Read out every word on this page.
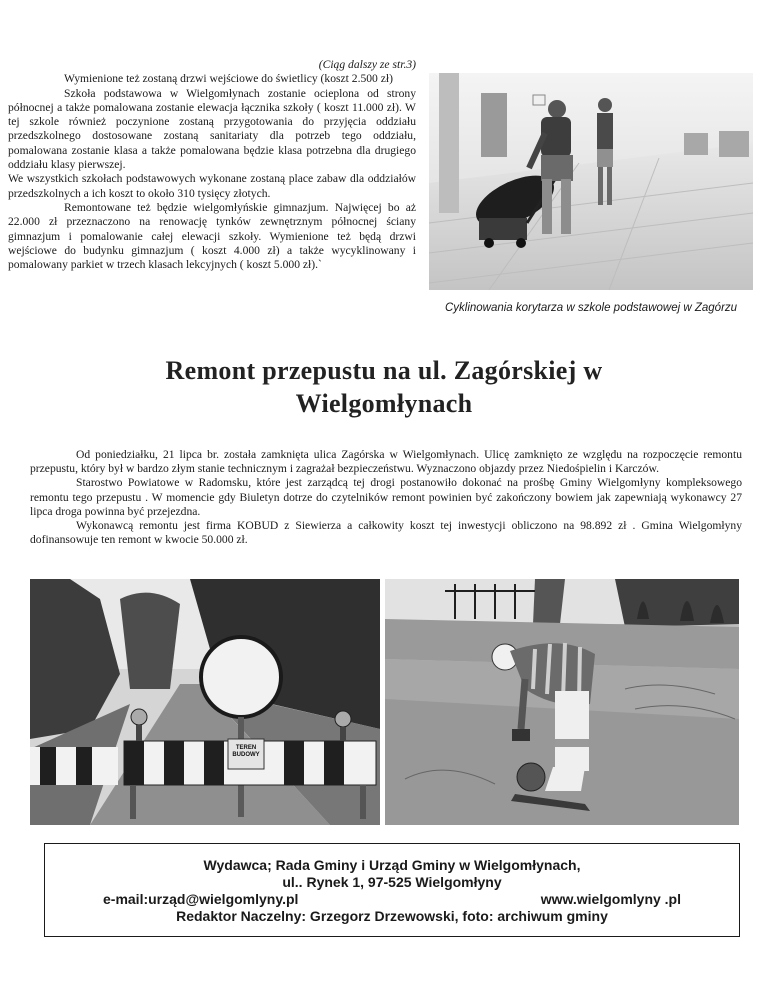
(Ciąg dalszy ze str.3)

Wymienione też zostaną drzwi wejściowe do świetlicy (koszt 2.500 zł)

Szkoła podstawowa w Wielgomłynach zostanie ocieplona od strony północnej a także pomalowana zostanie elewacja łącznika szkoły ( koszt 11.000 zł). W tej szkole również poczynione zostaną przygotowania do przyjęcia oddziału przedszkolnego dostosowane zostaną sanitariaty dla potrzeb tego oddziału, pomalowana zostanie klasa a także pomalowana będzie klasa potrzebna dla drugiego oddziału klasy pierwszej.

We wszystkich szkołach podstawowych wykonane zostaną place zabaw dla oddziałów przedszkolnych a ich koszt to około 310 tysięcy złotych.

Remontowane też będzie wielgomłyńskie gimnazjum. Najwięcej bo aż 22.000 zł przeznaczono na renowację tynków zewnętrznym północnej ściany gimnazjum i pomalowanie całej elewacji szkoły. Wymienione też będą drzwi wejściowe do budynku gimnazjum ( koszt 4.000 zł) a także wycyklinowany i pomalowany parkiet w trzech klasach lekcyjnych ( koszt 5.000 zł).`

Cyklinowania korytarza w szkole podstawowej w Zagórzu
Remont przepustu na ul. Zagórskiej w
Wielgomłynach

Od poniedziałku, 21 lipca br. została zamknięta ulica Zagórska w Wielgomłynach. Ulicę zamknięto ze względu na rozpoczęcie remontu przepustu, który był w bardzo złym stanie technicznym i zagrażał bezpieczeństwu. Wyznaczono objazdy przez Niedośpielin i Karczów.

Starostwo Powiatowe w Radomsku, które jest zarządcą tej drogi postanowiło dokonać na prośbę Gminy Wielgomłyny kompleksowego remontu tego przepustu . W momencie gdy Biuletyn dotrze do czytelników remont powinien być zakończony bowiem jak zapewniają wykonawcy 27 lipca droga powinna być przejezdna.

Wykonawcą remontu jest firma KOBUD z Siewierza a całkowity koszt tej inwestycji obliczono na 98.892 zł . Gmina Wielgomłyny dofinansowuje ten remont w kwocie 50.000 zł.

TEREN
BUDOWY
Wydawca; Rada Gminy i Urząd Gminy w Wielgomłynach,
ul.. Rynek 1, 97-525 Wielgomłyny
e-mail:urząd@wielgomlyny.pl	www.wielgomlyny .pl
Redaktor Naczelny: Grzegorz Drzewowski, foto: archiwum gminy
